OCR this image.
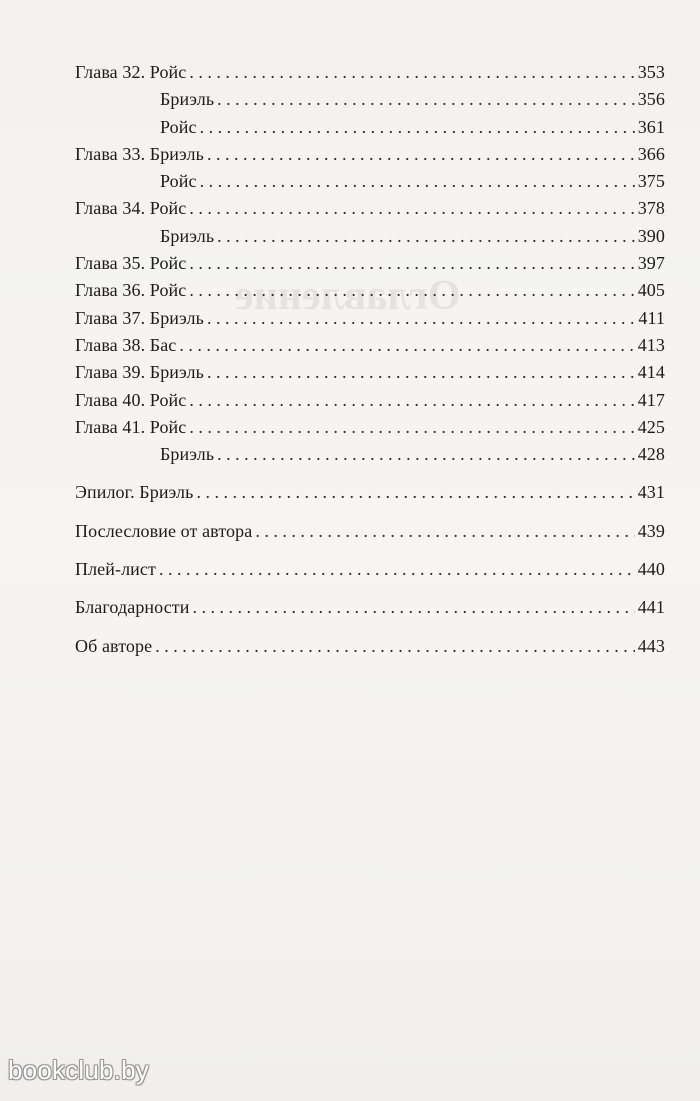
Оглавление
Глава 32. Ройс . . .	353
Бриэль . . .	356
Ройс . . .	361
Глава 33. Бриэль . . .	366
Ройс . . .	375
Глава 34. Ройс . . .	378
Бриэль . . .	390
Глава 35. Ройс . . .	397
Глава 36. Ройс . . .	405
Глава 37. Бриэль . . .	411
Глава 38. Бас . . .	413
Глава 39. Бриэль . . .	414
Глава 40. Ройс . . .	417
Глава 41. Ройс . . .	425
Бриэль . . .	428
Эпилог. Бриэль . . .	431
Послесловие от автора . . .	439
Плей-лист . . .	440
Благодарности . . .	441
Об авторе . . .	443
bookclub.by
